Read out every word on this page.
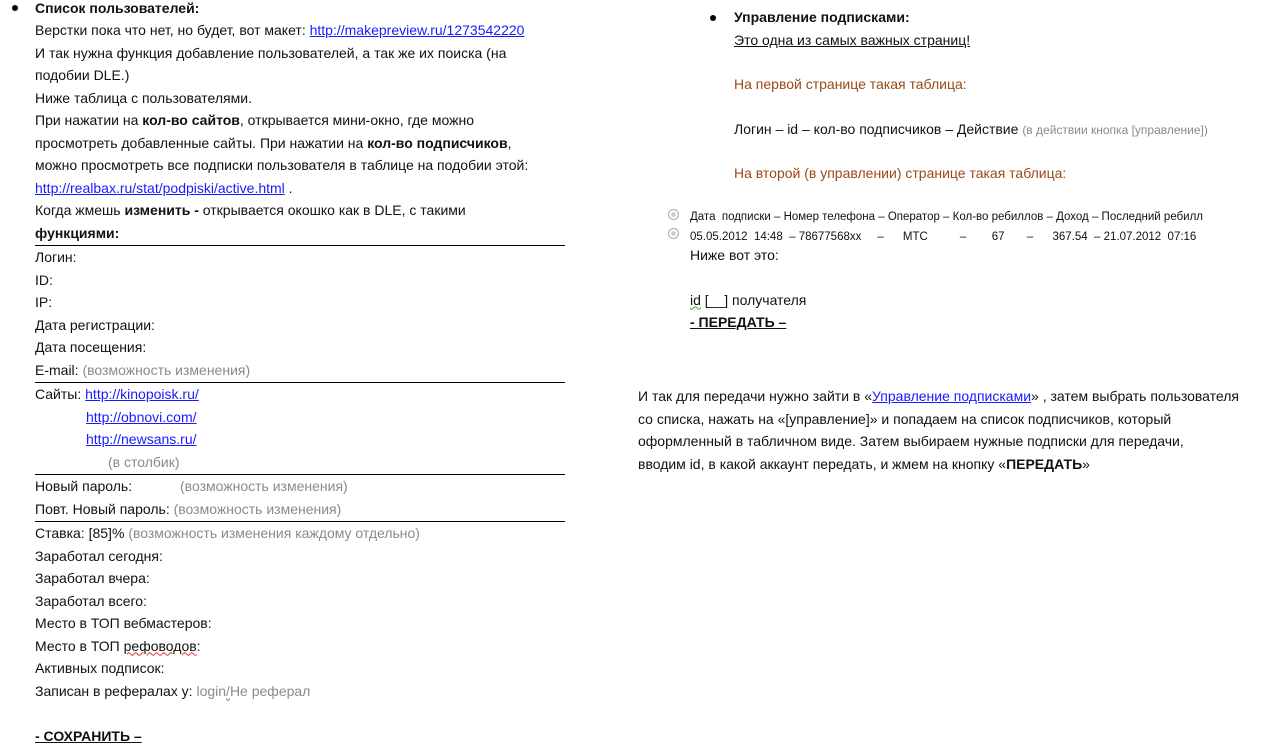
Список пользователей:
Верстки пока что нет, но будет, вот макет: http://makepreview.ru/1273542220
И так нужна функция добавление пользователей, а так же их поиска (на
подобии DLE.)
Ниже таблица с пользователями.
При нажатии на кол-во сайтов, открывается мини-окно, где можно
просмотреть добавленные сайты. При нажатии на кол-во подписчиков,
можно просмотреть все подписки пользователя в таблице на подобии этой:
http://realbax.ru/stat/podpiski/active.html .
Когда жмешь изменить - открывается окошко как в DLE, с такими
функциями:
Логин:
ID:
IP:
Дата регистрации:
Дата посещения:
E-mail: (возможность изменения)
Сайты: http://kinopoisk.ru/
http://obnovi.com/
http://newsans.ru/
(в столбик)
Новый пароль:	(возможность изменения)
Повт. Новый пароль: (возможность изменения)
Ставка: [85]% (возможность изменения каждому отдельно)
Заработал сегодня:
Заработал вчера:
Заработал всего:
Место в ТОП вебмастеров:
Место в ТОП рефоводов:
Активных подписок:
Записан в рефералах у: login/Не реферал
- СОХРАНИТЬ –
Управление подписками:
Это одна из самых важных страниц!
На первой странице такая таблица:
Логин – id – кол-во подписчиков – Действие (в действии кнопка [управление])
На второй (в управлении) странице такая таблица:
Дата  подписки – Номер телефона – Оператор – Кол-во ребиллов – Доход – Последний ребилл
05.05.2012  14:48  – 78677568хх     –      МТС          –        67       –      367.54  – 21.07.2012  07:16
Ниже вот это:
id [__] получателя
- ПЕРЕДАТЬ –
И так для передачи нужно зайти в «Управление подписками» , затем выбрать пользователя
со списка, нажать на «[управление]» и попадаем на список подписчиков, который
оформленный в табличном виде. Затем выбираем нужные подписки для передачи,
вводим id, в какой аккаунт передать, и жмем на кнопку «ПЕРЕДАТЬ»
